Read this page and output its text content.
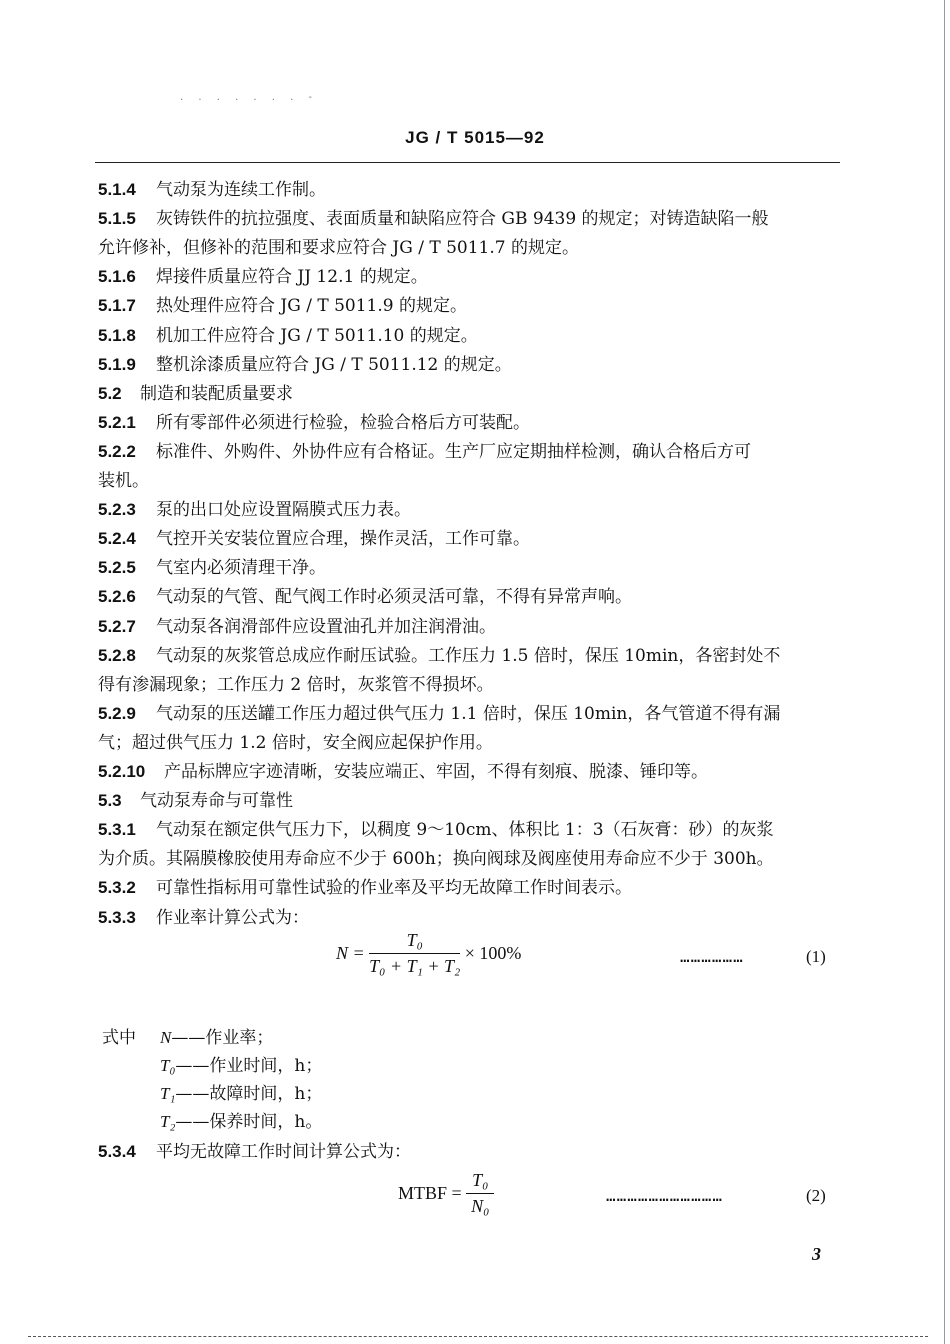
. . . . . . . -
JG / T 5015—92
5.1.4 气动泵为连续工作制。
5.1.5 灰铸铁件的抗拉强度、表面质量和缺陷应符合 GB 9439 的规定；对铸造缺陷一般
允许修补，但修补的范围和要求应符合 JG / T 5011.7 的规定。
5.1.6 焊接件质量应符合 JJ 12.1 的规定。
5.1.7 热处理件应符合 JG / T 5011.9 的规定。
5.1.8 机加工件应符合 JG / T 5011.10 的规定。
5.1.9 整机涂漆质量应符合 JG / T 5011.12 的规定。
5.2 制造和装配质量要求
5.2.1 所有零部件必须进行检验，检验合格后方可装配。
5.2.2 标准件、外购件、外协件应有合格证。生产厂应定期抽样检测，确认合格后方可
装机。
5.2.3 泵的出口处应设置隔膜式压力表。
5.2.4 气控开关安装位置应合理，操作灵活，工作可靠。
5.2.5 气室内必须清理干净。
5.2.6 气动泵的气管、配气阀工作时必须灵活可靠，不得有异常声响。
5.2.7 气动泵各润滑部件应设置油孔并加注润滑油。
5.2.8 气动泵的灰浆管总成应作耐压试验。工作压力 1.5 倍时，保压 10min，各密封处不
得有渗漏现象；工作压力 2 倍时，灰浆管不得损坏。
5.2.9 气动泵的压送罐工作压力超过供气压力 1.1 倍时，保压 10min，各气管道不得有漏
气；超过供气压力 1.2 倍时，安全阀应起保护作用。
5.2.10 产品标牌应字迹清晰，安装应端正、牢固，不得有刻痕、脱漆、锤印等。
5.3 气动泵寿命与可靠性
5.3.1 气动泵在额定供气压力下，以稠度 9～10cm、体积比 1：3（石灰膏：砂）的灰浆
为介质。其隔膜橡胶使用寿命应不少于 600h；换向阀球及阀座使用寿命应不少于 300h。
5.3.2 可靠性指标用可靠性试验的作业率及平均无故障工作时间表示。
5.3.3 作业率计算公式为：
$N = \frac{\text{T₀}}{\text{T₀ + T₁ + T₂}} \times 100\%$	………………	(1)
式中 N——作业率；
T₀——作业时间，h；
T₁——故障时间，h；
T₂——保养时间，h。
5.3.4 平均无故障工作时间计算公式为：
MTBF = $\frac{\text{T₀}}{\text{N₀}}$	……………………………	(2)
3
